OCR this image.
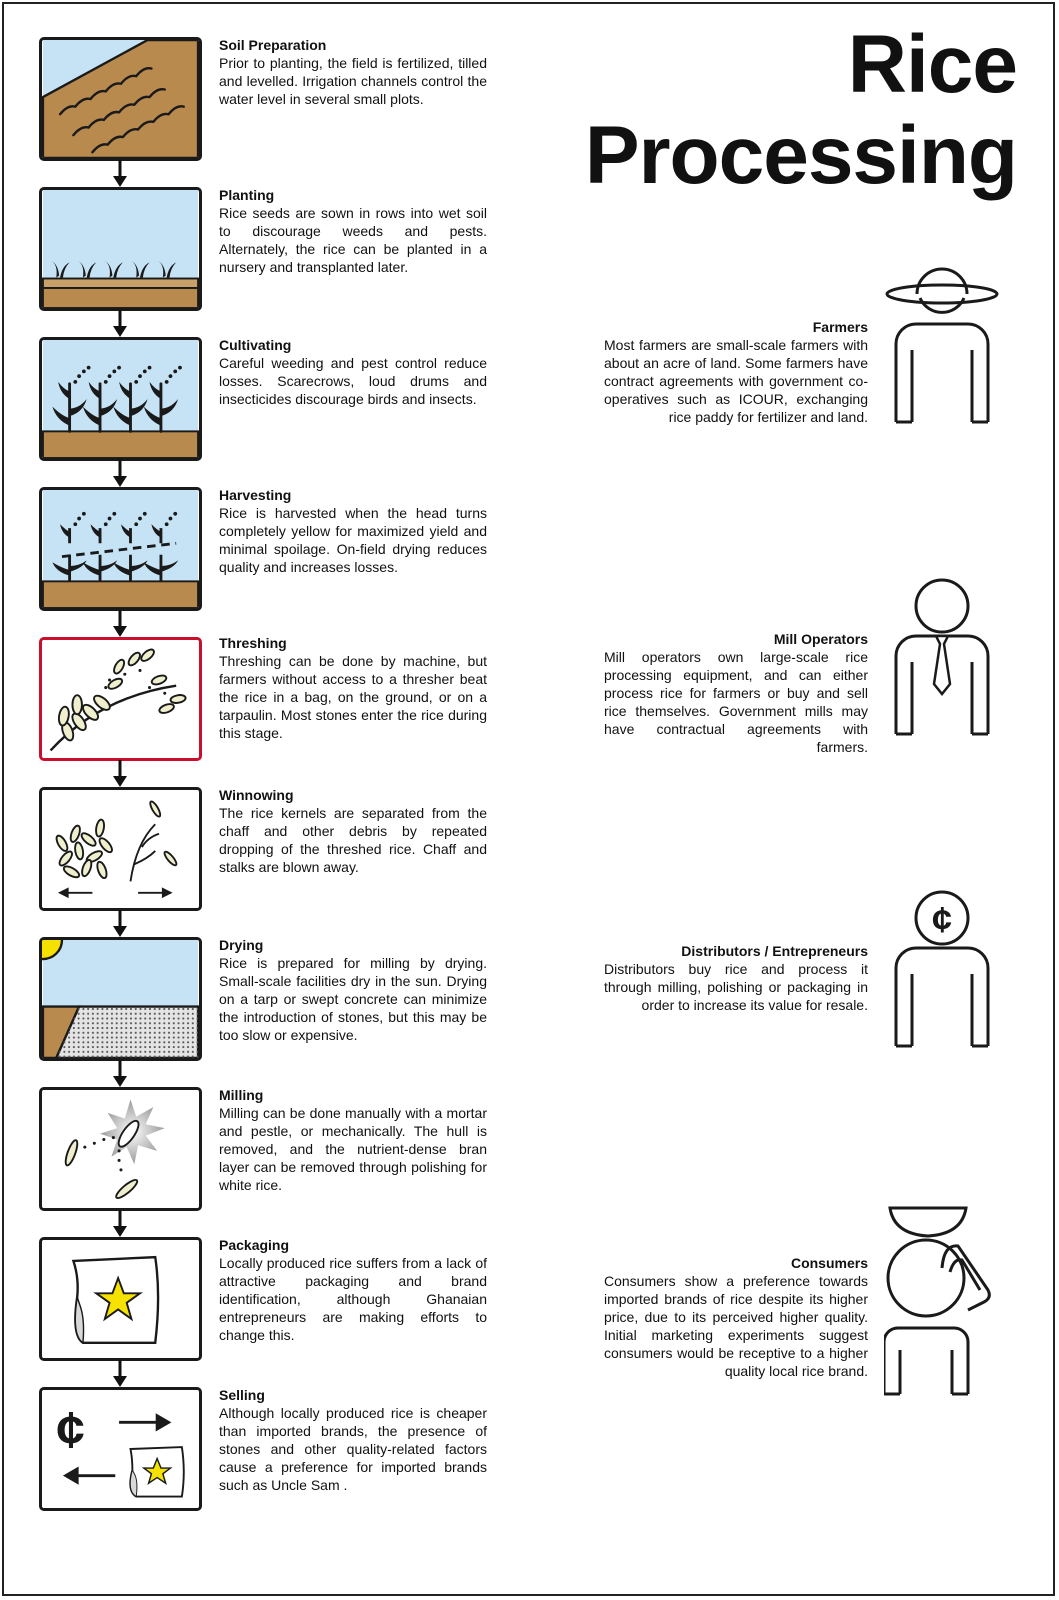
Rice
Processing
Soil Preparation

Prior to planting, the field is fertilized, tilled and levelled. Irrigation channels control the water level in several small plots.

Planting

Rice seeds are sown in rows into wet soil to discourage weeds and pests. Alternately, the rice can be planted in a nursery and transplanted later.

Cultivating

Careful weeding and pest control reduce losses. Scarecrows, loud drums and insecticides discourage birds and insects.

Harvesting

Rice is harvested when the head turns completely yellow for maximized yield and minimal spoilage. On-field drying reduces quality and increases losses.

Threshing

Threshing can be done by machine, but farmers without access to a thresher beat the rice in a bag, on the ground, or on a tarpaulin. Most stones enter the rice during this stage.

Winnowing

The rice kernels are separated from the chaff and other debris by repeated dropping of the threshed rice. Chaff and stalks are blown away.

Drying

Rice is prepared for milling by drying. Small-scale facilities dry in the sun. Drying on a tarp or swept concrete can minimize the introduction of stones, but this may be too slow or expensive.

Milling

Milling can be done manually with a mortar and pestle, or mechanically. The hull is removed, and the nutrient-dense bran layer can be removed through polishing for white rice.

Packaging

Locally produced rice suffers from a lack of attractive packaging and brand identification, although Ghanaian entrepreneurs are making efforts to change this.

¢
Selling

Although locally produced rice is cheaper than imported brands, the presence of stones and other quality-related factors cause a preference for imported brands such as Uncle Sam .

Farmers

Most farmers are small-scale farmers with about an acre of land. Some farmers have contract agreements with government co-operatives such as ICOUR, exchanging rice paddy for fertilizer and land.

Mill Operators

Mill operators own large-scale rice processing equipment, and can either process rice for farmers or buy and sell rice themselves. Government mills may have contractual agreements with farmers.

Distributors / Entrepreneurs

Distributors buy rice and process it through milling, polishing or packaging in order to increase its value for resale.

¢
Consumers

Consumers show a preference towards imported brands of rice despite its higher price, due to its perceived higher quality. Initial marketing experiments suggest consumers would be receptive to a higher quality local rice brand.
